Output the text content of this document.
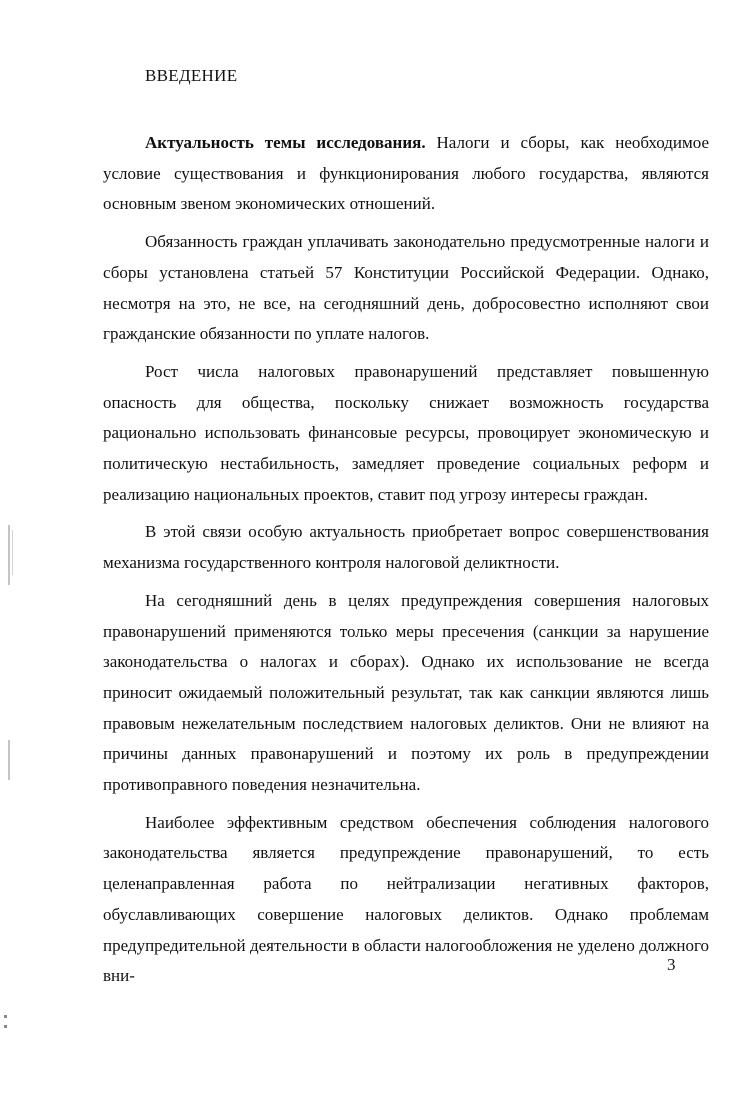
ВВЕДЕНИЕ

Актуальность темы исследования. Налоги и сборы, как необходимое условие существования и функционирования любого государства, являются основным звеном экономических отношений.

Обязанность граждан уплачивать законодательно предусмотренные налоги и сборы установлена статьей 57 Конституции Российской Федерации. Однако, несмотря на это, не все, на сегодняшний день, добросовестно исполняют свои гражданские обязанности по уплате налогов.

Рост числа налоговых правонарушений представляет повышенную опасность для общества, поскольку снижает возможность государства рационально использовать финансовые ресурсы, провоцирует экономическую и политическую нестабильность, замедляет проведение социальных реформ и реализацию национальных проектов, ставит под угрозу интересы граждан.

В этой связи особую актуальность приобретает вопрос совершенствования механизма государственного контроля налоговой деликтности.

На сегодняшний день в целях предупреждения совершения налоговых правонарушений применяются только меры пресечения (санкции за нарушение законодательства о налогах и сборах). Однако их использование не всегда приносит ожидаемый положительный результат, так как санкции являются лишь правовым нежелательным последствием налоговых деликтов. Они не влияют на причины данных правонарушений и поэтому их роль в предупреждении противоправного поведения незначительна.

Наиболее эффективным средством обеспечения соблюдения налогового законодательства является предупреждение правонарушений, то есть целенаправленная работа по нейтрализации негативных факторов, обуславливающих совершение налоговых деликтов. Однако проблемам предупредительной деятельности в области налогообложения не уделено должного вни-

3
